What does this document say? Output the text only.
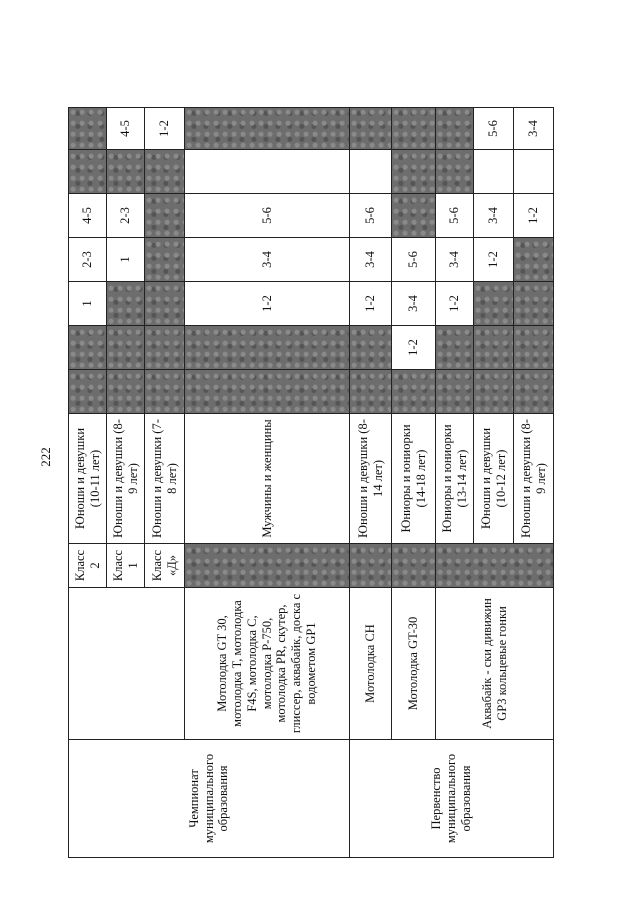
222
Чемпионат муниципального образования		Класс 2	Юноши и девушки (10-11 лет)			1	2-3	4-5		
		Класс 1	Юноши и девушки (8-9 лет)				1	2-3		4-5
		Класс «Д»	Юноши и девушки (7-8 лет)							1-2
	Мотолодка GT 30, мотолодка T, мотолодка F4S, мотолодка С, мотолодка Р-750, мотолодка PR, скутер, глиссер, аквабайк, доска с водометом GP1		Мужчины и женщины			1-2	3-4	5-6		
Первенство муниципального образования	Мотолодка СН		Юноши и девушки (8-14 лет)			1-2	3-4	5-6		
	Мотолодка GT-30		Юниоры и юниорки (14-18 лет)		1-2	3-4	5-6			
	Аквабайк - ски дивижин GP3 кольцевые гонки		Юниоры и юниорки (13-14 лет)			1-2	3-4	5-6		
			Юноши и девушки (10-12 лет)				1-2	3-4		5-6
			Юноши и девушки (8-9 лет)					1-2		3-4
